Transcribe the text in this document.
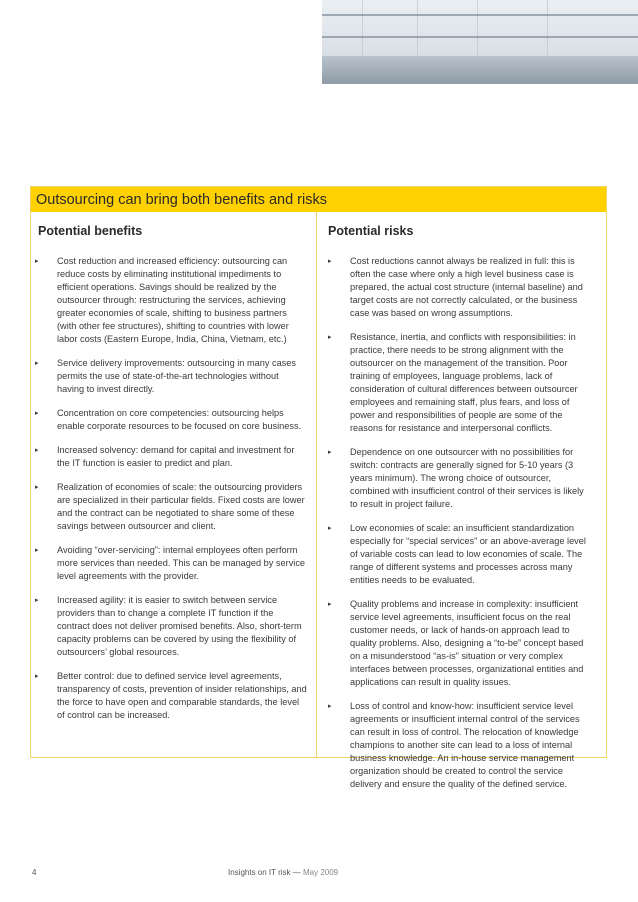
Outsourcing can bring both benefits and risks
Potential benefits
▸ Cost reduction and increased efficiency: outsourcing can reduce costs by eliminating institutional impediments to efficient operations. Savings should be realized by the outsourcer through: restructuring the services, achieving greater economies of scale, shifting to business partners (with other fee structures), shifting to countries with lower labor costs (Eastern Europe, India, China, Vietnam, etc.)
▸ Service delivery improvements: outsourcing in many cases permits the use of state-of-the-art technologies without having to invest directly.
▸ Concentration on core competencies: outsourcing helps enable corporate resources to be focused on core business.
▸ Increased solvency: demand for capital and investment for the IT function is easier to predict and plan.
▸ Realization of economies of scale: the outsourcing providers are specialized in their particular fields. Fixed costs are lower and the contract can be negotiated to share some of these savings between outsourcer and client.
▸ Avoiding “over-servicing”: internal employees often perform more services than needed. This can be managed by service level agreements with the provider.
▸ Increased agility: it is easier to switch between service providers than to change a complete IT function if the contract does not deliver promised benefits. Also, short-term capacity problems can be covered by using the flexibility of outsourcers’ global resources.
▸ Better control: due to defined service level agreements, transparency of costs, prevention of insider relationships, and the force to have open and comparable standards, the level of control can be increased.
Potential risks
▸ Cost reductions cannot always be realized in full: this is often the case where only a high level business case is prepared, the actual cost structure (internal baseline) and target costs are not correctly calculated, or the business case was based on wrong assumptions.
▸ Resistance, inertia, and conflicts with responsibilities: in practice, there needs to be strong alignment with the outsourcer on the management of the transition. Poor training of employees, language problems, lack of consideration of cultural differences between outsourcer employees and remaining staff, plus fears, and loss of power and responsibilities of people are some of the reasons for resistance and interpersonal conflicts.
▸ Dependence on one outsourcer with no possibilities for switch: contracts are generally signed for 5-10 years (3 years minimum). The wrong choice of outsourcer, combined with insufficient control of their services is likely to result in project failure.
▸ Low economies of scale: an insufficient standardization especially for “special services” or an above-average level of variable costs can lead to low economies of scale. The range of different systems and processes across many entities needs to be evaluated.
▸ Quality problems and increase in complexity: insufficient service level agreements, insufficient focus on the real customer needs, or lack of hands-on approach lead to quality problems. Also, designing a “to-be” concept based on a misunderstood “as-is” situation or very complex interfaces between processes, organizational entities and applications can result in quality issues.
▸ Loss of control and know-how: insufficient service level agreements or insufficient internal control of the services can result in loss of control. The relocation of knowledge champions to another site can lead to a loss of internal business knowledge. An in-house service management organization should be created to control the service delivery and ensure the quality of the defined service.
4	Insights on IT risk — May 2009
